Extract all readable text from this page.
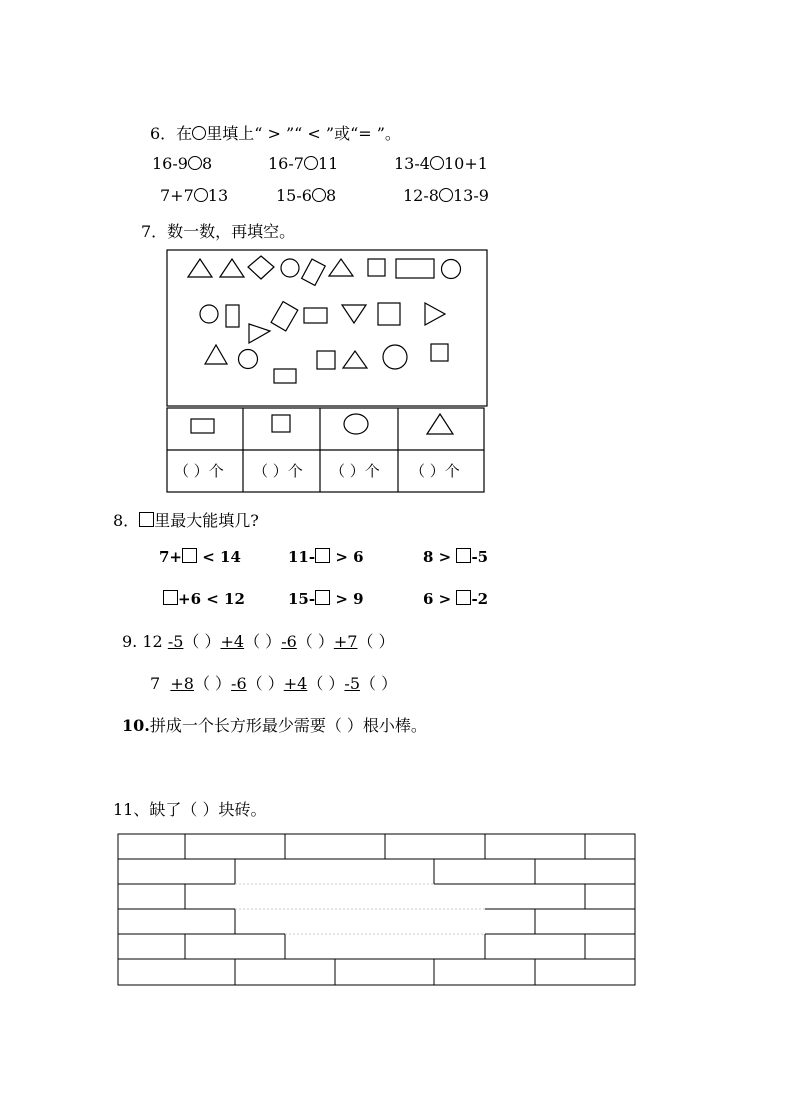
6．在 里填上“ > ”“ < ”或“= ”。
16-9 8	16-7 11	13-4 10+1
7+7 13	15-6 8	12-8 13-9
7．数一数，再填空。
（ ）个 （ ）个 （ ）个 （ ）个
8． 里最大能填几?
7+ < 14	11- > 6	8 > -5
+6 < 12	15- > 9	6 > -2
9. 12 -5（ ）+4（ ）-6（ ）+7（ ）
7 +8（ ）-6（ ）+4（ ）-5（ ）
10.拼成一个长方形最少需要（ ）根小棒。
11、缺了（ ）块砖。
